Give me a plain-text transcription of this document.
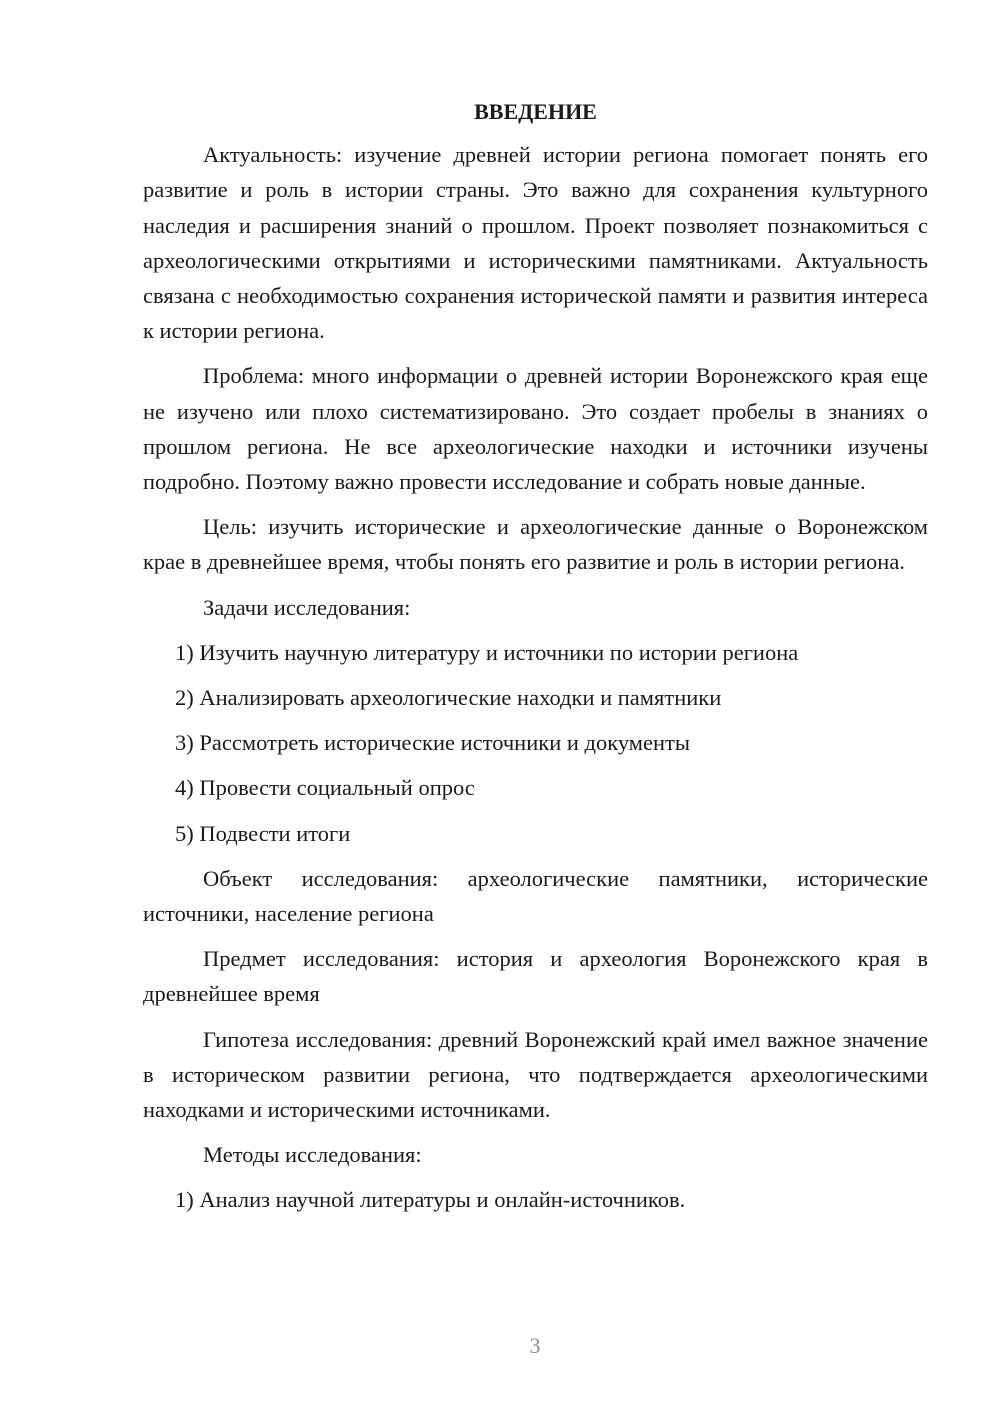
ВВЕДЕНИЕ

Актуальность: изучение древней истории региона помогает понять его развитие и роль в истории страны. Это важно для сохранения культурного наследия и расширения знаний о прошлом. Проект позволяет познакомиться с археологическими открытиями и историческими памятниками. Актуальность связана с необходимостью сохранения исторической памяти и развития интереса к истории региона.

Проблема: много информации о древней истории Воронежского края еще не изучено или плохо систематизировано. Это создает пробелы в знаниях о прошлом региона. Не все археологические находки и источники изучены подробно. Поэтому важно провести исследование и собрать новые данные.

Цель: изучить исторические и археологические данные о Воронежском крае в древнейшее время, чтобы понять его развитие и роль в истории региона.

Задачи исследования:

1) Изучить научную литературу и источники по истории региона
2) Анализировать археологические находки и памятники
3) Рассмотреть исторические источники и документы
4) Провести социальный опрос
5) Подвести итоги

Объект исследования: археологические памятники, исторические источники, население региона

Предмет исследования: история и археология Воронежского края в древнейшее время

Гипотеза исследования: древний Воронежский край имел важное значение в историческом развитии региона, что подтверждается археологическими находками и историческими источниками.

Методы исследования:

1) Анализ научной литературы и онлайн-источников.
3
